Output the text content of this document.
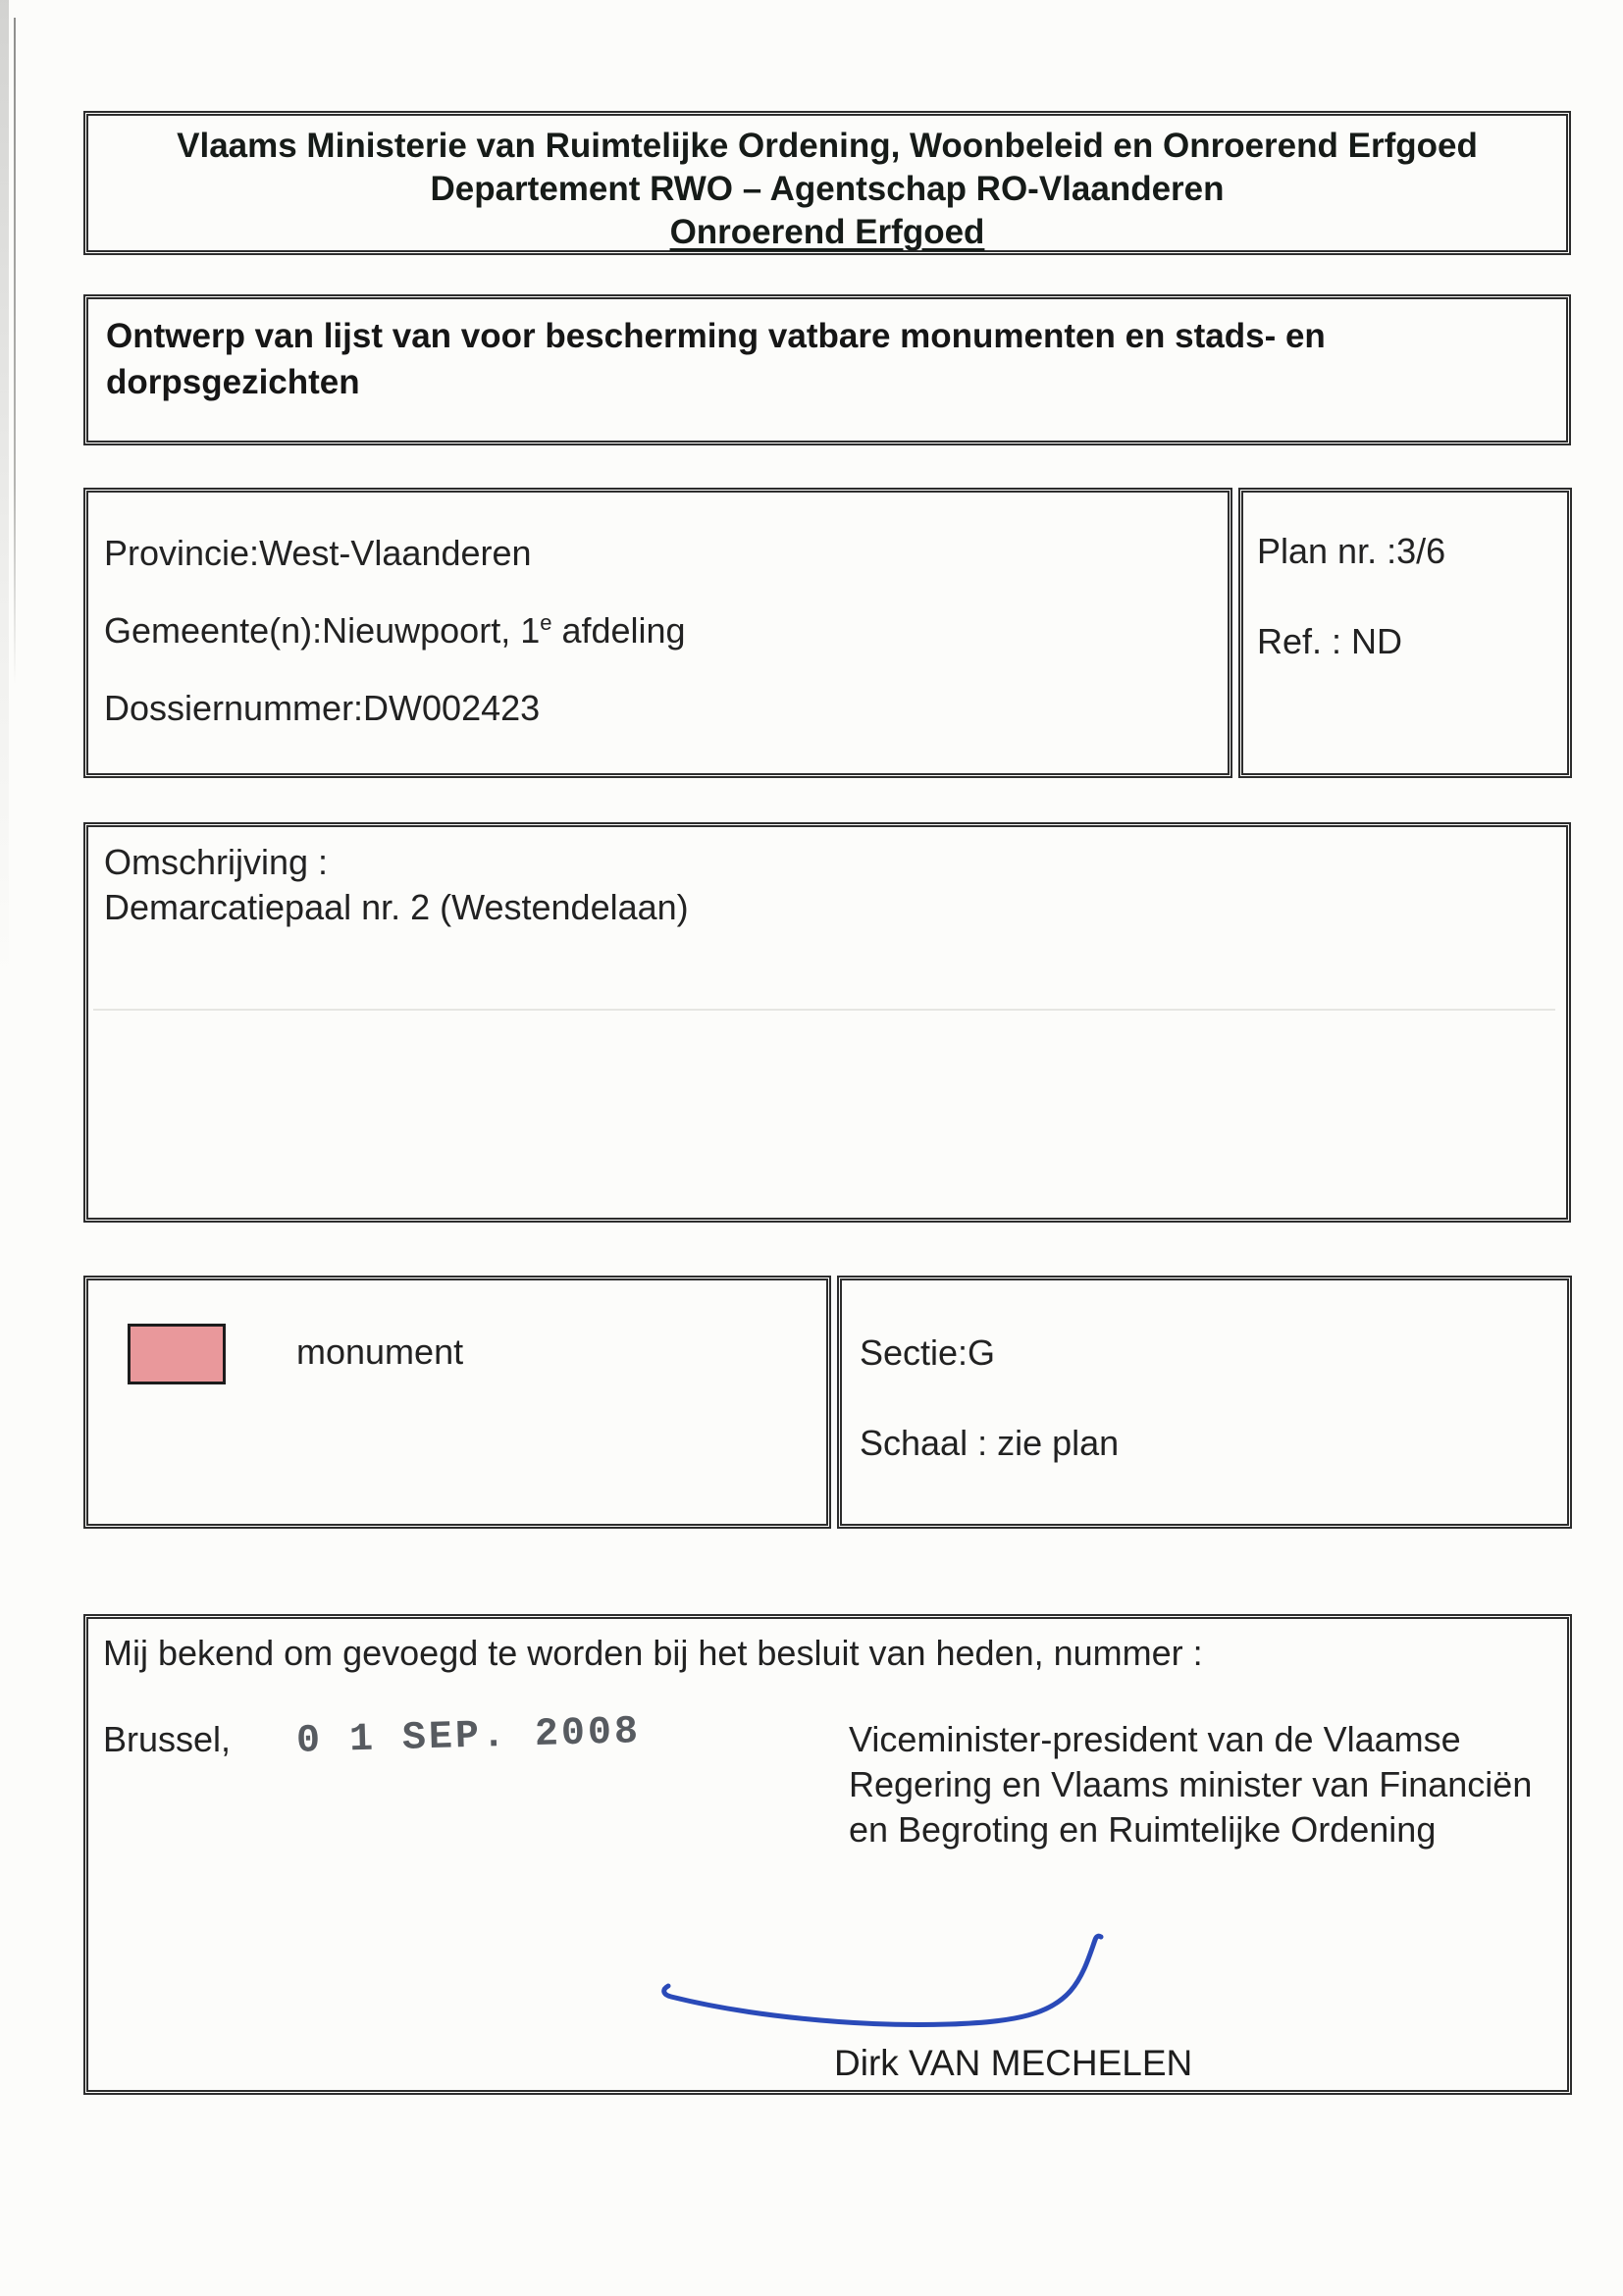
Vlaams Ministerie van Ruimtelijke Ordening, Woonbeleid en Onroerend Erfgoed
Departement RWO – Agentschap RO-Vlaanderen
Onroerend Erfgoed
Ontwerp van lijst van voor bescherming vatbare monumenten en stads- en dorpsgezichten
Provincie:West-Vlaanderen
Gemeente(n):Nieuwpoort, 1e afdeling
Dossiernummer:DW002423
Plan nr. :3/6
Ref. : ND
Omschrijving :
Demarcatiepaal nr. 2 (Westendelaan)
monument	Sectie:G
Schaal : zie plan
Mij bekend om gevoegd te worden bij het besluit van heden, nummer :
Brussel, 0 1 SEP. 2008	Viceminister-president van de Vlaamse Regering en Vlaams minister van Financiën en Begroting en Ruimtelijke Ordening
Dirk VAN MECHELEN
